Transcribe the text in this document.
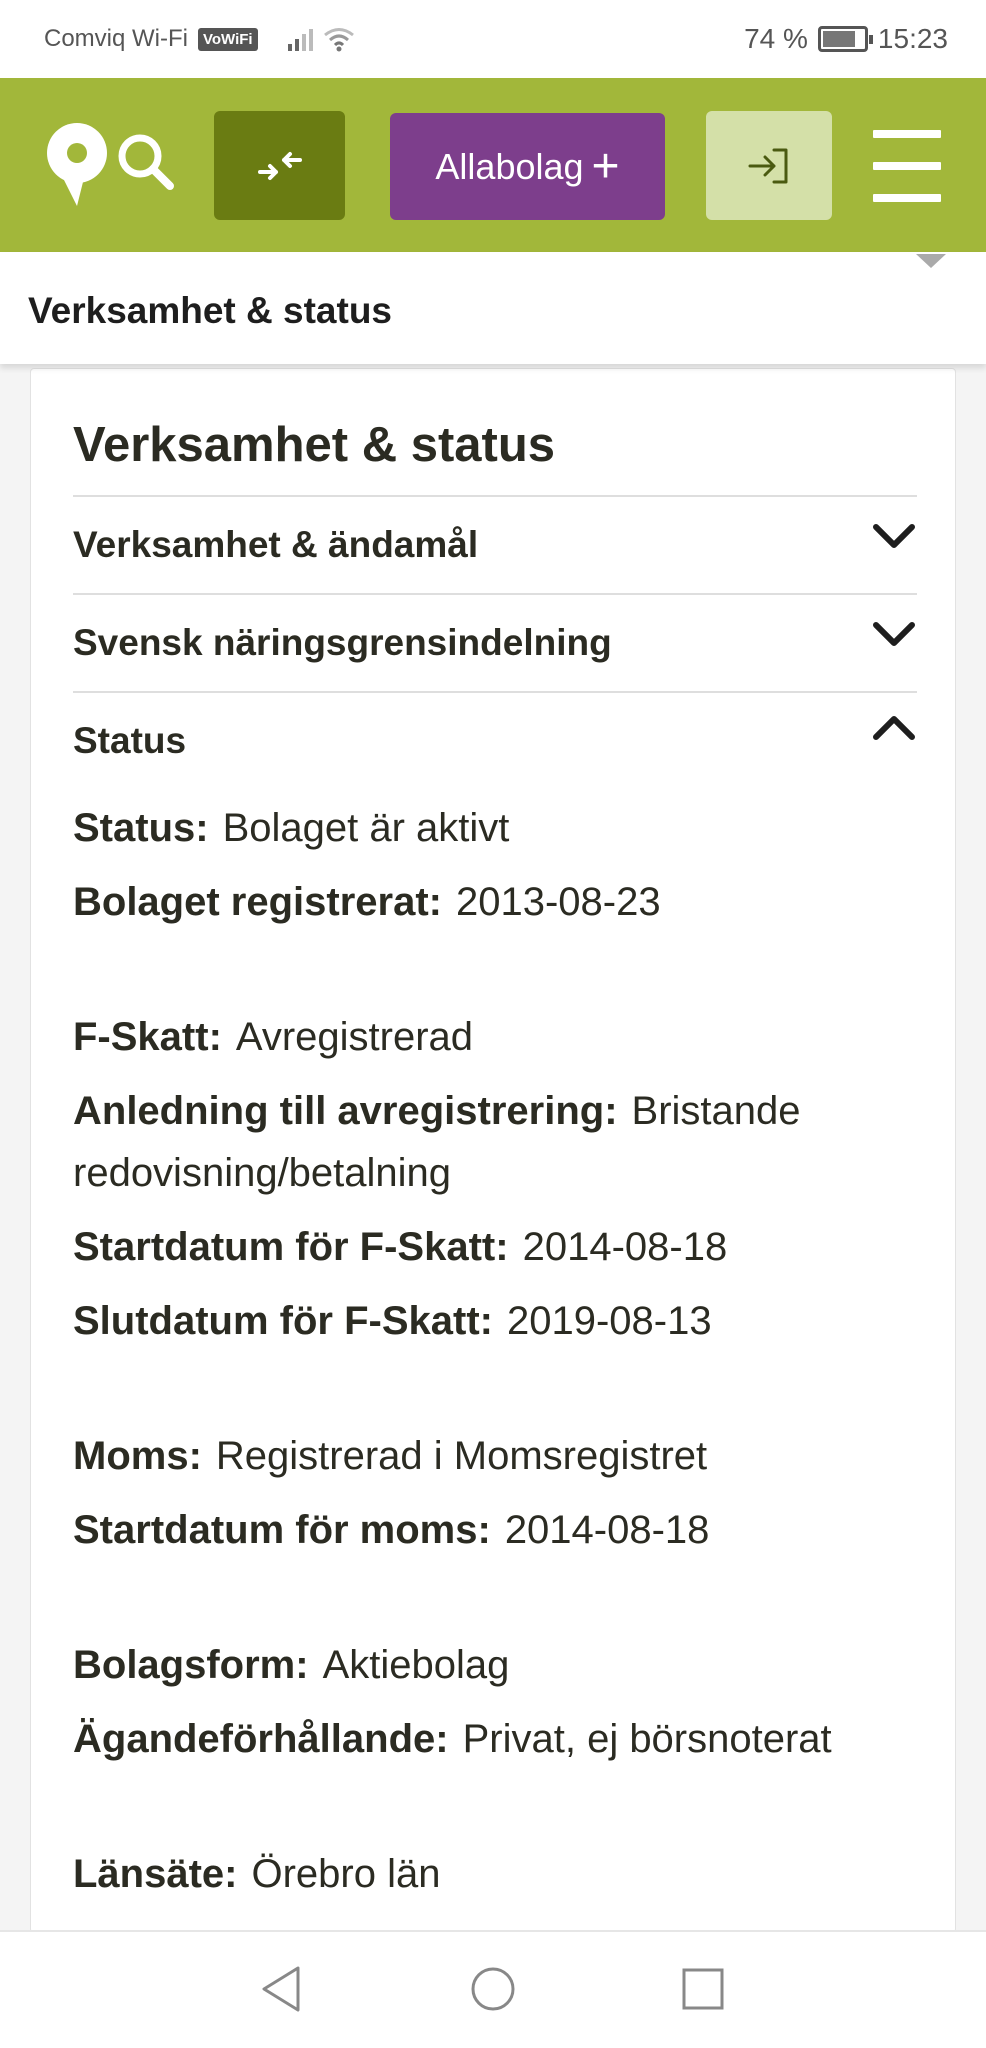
Comviq Wi-Fi	VoWiFi	74 %	15:23
Allabolag +
Verksamhet & status
Verksamhet & status
Verksamhet & ändamål
Svensk näringsgrensindelning
Status
Status: Bolaget är aktivt
Bolaget registrerat: 2013-08-23
F-Skatt: Avregistrerad
Anledning till avregistrering: Bristande redovisning/betalning
Startdatum för F-Skatt: 2014-08-18
Slutdatum för F-Skatt: 2019-08-13
Moms: Registrerad i Momsregistret
Startdatum för moms: 2014-08-18
Bolagsform: Aktiebolag
Ägandeförhållande: Privat, ej börsnoterat
Länsäte: Örebro län
